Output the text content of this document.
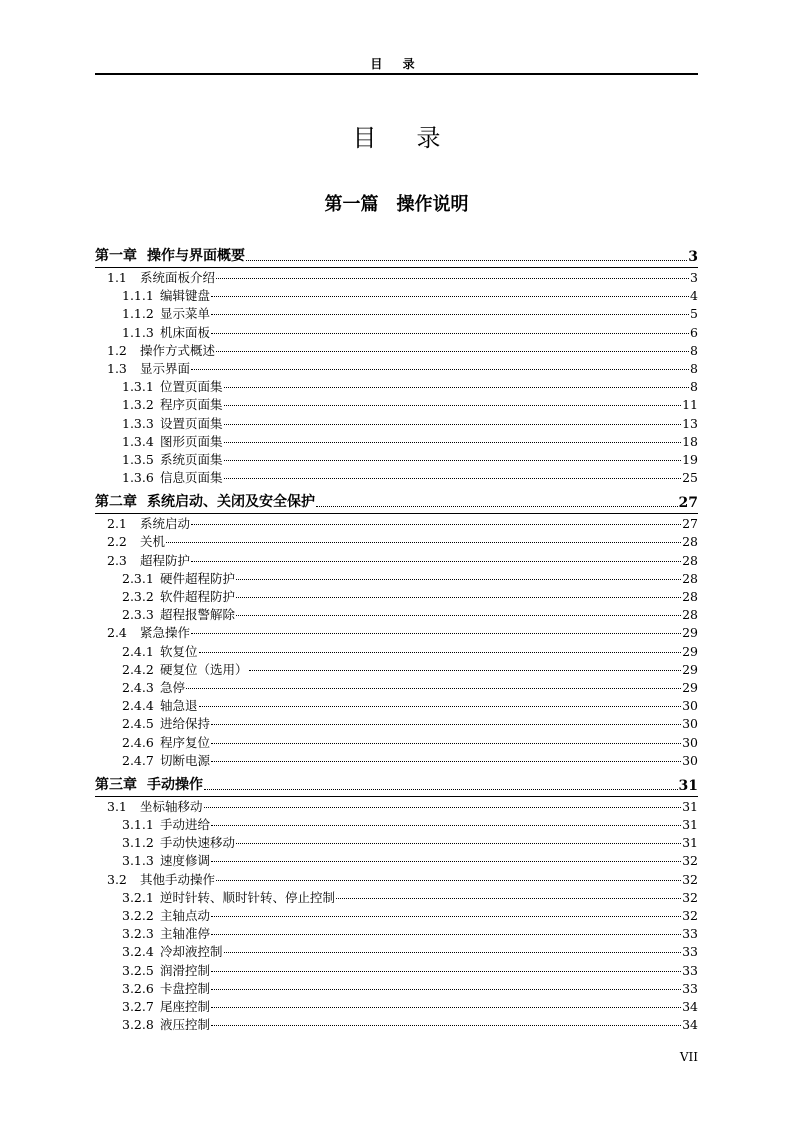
目 录
目录
第一篇　操作说明
第一章 操作与界面概要	3
1.1	系统面板介绍	3
1.1.1 编辑键盘	4
1.1.2 显示菜单	5
1.1.3 机床面板	6
1.2	操作方式概述	8
1.3	显示界面	8
1.3.1 位置页面集	8
1.3.2 程序页面集	11
1.3.3 设置页面集	13
1.3.4 图形页面集	18
1.3.5 系统页面集	19
1.3.6 信息页面集	25
第二章 系统启动、关闭及安全保护	27
2.1	系统启动	27
2.2	关机	28
2.3	超程防护	28
2.3.1 硬件超程防护	28
2.3.2 软件超程防护	28
2.3.3 超程报警解除	28
2.4	紧急操作	29
2.4.1 软复位	29
2.4.2 硬复位（选用）	29
2.4.3 急停	29
2.4.4 轴急退	30
2.4.5 进给保持	30
2.4.6 程序复位	30
2.4.7 切断电源	30
第三章 手动操作	31
3.1	坐标轴移动	31
3.1.1 手动进给	31
3.1.2 手动快速移动	31
3.1.3 速度修调	32
3.2	其他手动操作	32
3.2.1 逆时针转、顺时针转、停止控制	32
3.2.2 主轴点动	32
3.2.3 主轴准停	33
3.2.4 冷却液控制	33
3.2.5 润滑控制	33
3.2.6 卡盘控制	33
3.2.7 尾座控制	34
3.2.8 液压控制	34
VII
